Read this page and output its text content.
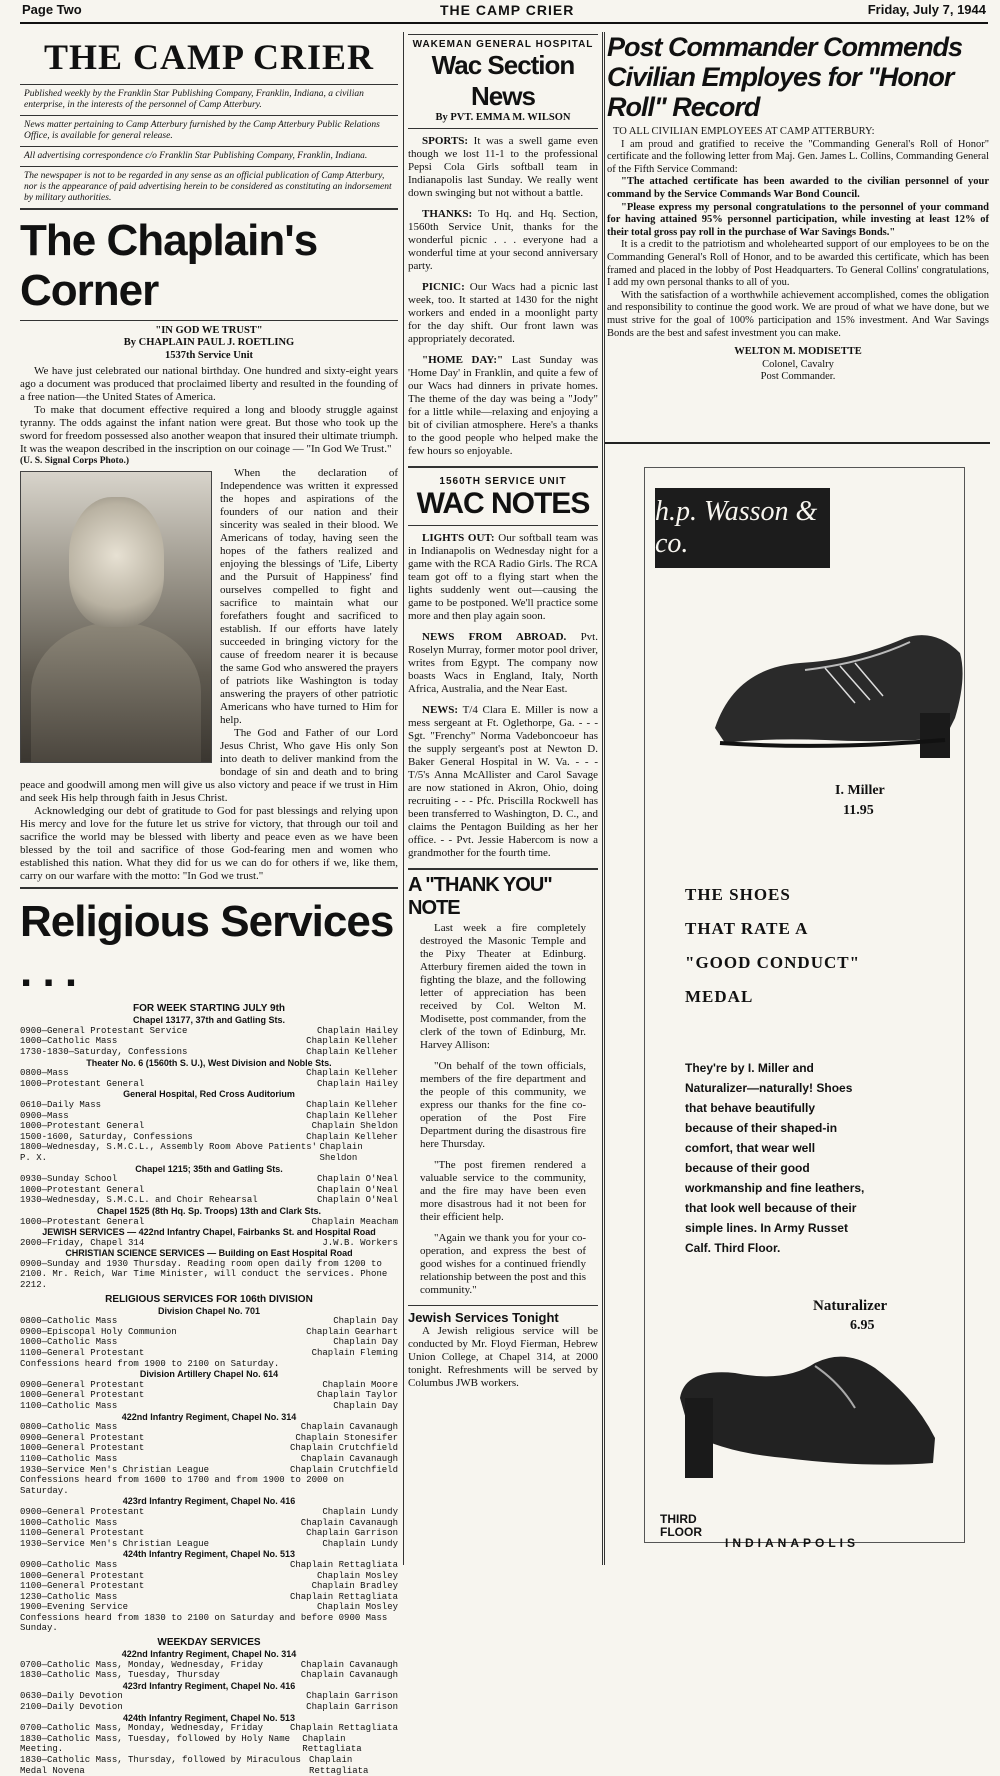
Page Two	THE CAMP CRIER	Friday, July 7, 1944
THE CAMP CRIER
Published weekly by the Franklin Star Publishing Company, Franklin, Indiana, a civilian enterprise, in the interests of the personnel of Camp Atterbury.
News matter pertaining to Camp Atterbury furnished by the Camp Atterbury Public Relations Office, is available for general release.
All advertising correspondence c/o Franklin Star Publishing Company, Franklin, Indiana.
The newspaper is not to be regarded in any sense as an official publication of Camp Atterbury, nor is the appearance of paid advertising herein to be considered as constituting an indorsement by military authorities.
The Chaplain's Corner
"IN GOD WE TRUST"
By CHAPLAIN PAUL J. ROETLING
1537th Service Unit

We have just celebrated our national birthday. One hundred and sixty-eight years ago a document was produced that proclaimed liberty and resulted in the founding of a free nation—the United States of America.

To make that document effective required a long and bloody struggle against tyranny. The odds against the infant nation were great. But those who took up the sword for freedom possessed also another weapon that insured their ultimate triumph. It was the weapon described in the inscription on our coinage — "In God We Trust."

(U. S. Signal Corps Photo.)

When the declaration of Independence was written it expressed the hopes and aspirations of the founders of our nation and their sincerity was sealed in their blood. We Americans of today, having seen the hopes of the fathers realized and enjoying the blessings of 'Life, Liberty and the Pursuit of Happiness' find ourselves compelled to fight and sacrifice to maintain what our forefathers fought and sacrificed to establish. If our efforts have lately succeeded in bringing victory for the cause of freedom nearer it is because the same God who answered the prayers of patriots like Washington is today answering the prayers of other patriotic Americans who have turned to Him for help.

The God and Father of our Lord Jesus Christ, Who gave His only Son into death to deliver mankind from the bondage of sin and death and to bring peace and goodwill among men will give us also victory and peace if we trust in Him and seek His help through faith in Jesus Christ.

Acknowledging our debt of gratitude to God for past blessings and relying upon His mercy and love for the future let us strive for victory, that through our toil and sacrifice the world may be blessed with liberty and peace even as we have been blessed by the toil and sacrifice of those God-fearing men and women who established this nation. What they did for us we can do for others if we, like them, carry on our warfare with the motto: "In God we trust."

Religious Services . . .
FOR WEEK STARTING JULY 9th
Chapel 13177, 37th and Gatling Sts.
0900—General Protestant Service	Chaplain Hailey
1000—Catholic Mass	Chaplain Kelleher
1730-1830—Saturday, Confessions	Chaplain Kelleher
Theater No. 6 (1560th S. U.), West Division and Noble Sts.
0800—Mass	Chaplain Kelleher
1000—Protestant General	Chaplain Hailey
General Hospital, Red Cross Auditorium
0610—Daily Mass	Chaplain Kelleher
0900—Mass	Chaplain Kelleher
1000—Protestant General	Chaplain Sheldon
1500-1600, Saturday, Confessions	Chaplain Kelleher
1800—Wednesday, S.M.C.L., Assembly Room Above Patients' P. X.
Chaplain Sheldon
Chapel 1215; 35th and Gatling Sts.
0930—Sunday School	Chaplain O'Neal
1000—Protestant General	Chaplain O'Neal
1930—Wednesday, S.M.C.L. and Choir Rehearsal	Chaplain O'Neal
Chapel 1525 (8th Hq. Sp. Troops) 13th and Clark Sts.
1000—Protestant General	Chaplain Meacham
JEWISH SERVICES — 422nd Infantry Chapel, Fairbanks St. and Hospital Road
2000—Friday, Chapel 314	J.W.B. Workers
CHRISTIAN SCIENCE SERVICES — Building on East Hospital Road
0900—Sunday and 1930 Thursday. Reading room open daily from 1200 to 2100. Mr. Reich, War Time Minister, will conduct the services. Phone 2212.
RELIGIOUS SERVICES FOR 106th DIVISION
Division Chapel No. 701
0800—Catholic Mass	Chaplain Day
0900—Episcopal Holy Communion	Chaplain Gearhart
1000—Catholic Mass	Chaplain Day
1100—General Protestant	Chaplain Fleming
Confessions heard from 1900 to 2100 on Saturday.
Division Artillery Chapel No. 614
0900—General Protestant	Chaplain Moore
1000—General Protestant	Chaplain Taylor
1100—Catholic Mass	Chaplain Day
422nd Infantry Regiment, Chapel No. 314
0800—Catholic Mass	Chaplain Cavanaugh
0900—General Protestant	Chaplain Stonesifer
1000—General Protestant	Chaplain Crutchfield
1100—Catholic Mass	Chaplain Cavanaugh
1930—Service Men's Christian League	Chaplain Crutchfield
Confessions heard from 1600 to 1700 and from 1900 to 2000 on Saturday.
423rd Infantry Regiment, Chapel No. 416
0900—General Protestant	Chaplain Lundy
1000—Catholic Mass	Chaplain Cavanaugh
1100—General Protestant	Chaplain Garrison
1930—Service Men's Christian League	Chaplain Lundy
424th Infantry Regiment, Chapel No. 513
0900—Catholic Mass	Chaplain Rettagliata
1000—General Protestant	Chaplain Mosley
1100—General Protestant	Chaplain Bradley
1230—Catholic Mass	Chaplain Rettagliata
1900—Evening Service	Chaplain Mosley
Confessions heard from 1830 to 2100 on Saturday and before 0900 Mass Sunday.
WEEKDAY SERVICES
422nd Infantry Regiment, Chapel No. 314
0700—Catholic Mass, Monday, Wednesday, Friday	Chaplain Cavanaugh
1830—Catholic Mass, Tuesday, Thursday	Chaplain Cavanaugh
423rd Infantry Regiment, Chapel No. 416
0630—Daily Devotion	Chaplain Garrison
2100—Daily Devotion	Chaplain Garrison
424th Infantry Regiment, Chapel No. 513
0700—Catholic Mass, Monday, Wednesday, Friday	Chaplain Rettagliata
1830—Catholic Mass, Tuesday, followed by Holy Name Meeting.
Chaplain Rettagliata
1830—Catholic Mass, Thursday, followed by Miraculous Medal Novena
Chaplain Rettagliata
WAKEMAN GENERAL HOSPITAL
Wac Section News
By PVT. EMMA M. WILSON

SPORTS: It was a swell game even though we lost 11-1 to the professional Pepsi Cola Girls softball team in Indianapolis last Sunday. We really went down swinging but not without a battle.

THANKS: To Hq. and Hq. Section, 1560th Service Unit, thanks for the wonderful picnic . . . everyone had a wonderful time at your second anniversary party.

PICNIC: Our Wacs had a picnic last week, too. It started at 1430 for the night workers and ended in a moonlight party for the day shift. Our front lawn was appropriately decorated.

"HOME DAY:" Last Sunday was 'Home Day' in Franklin, and quite a few of our Wacs had dinners in private homes. The theme of the day was being a "Jody" for a little while—relaxing and enjoying a bit of civilian atmosphere. Here's a thanks to the good people who helped make the few hours so enjoyable.

1560TH SERVICE UNIT
WAC NOTES

LIGHTS OUT: Our softball team was in Indianapolis on Wednesday night for a game with the RCA Radio Girls. The RCA team got off to a flying start when the lights suddenly went out—causing the game to be postponed. We'll practice some more and then play again soon.

NEWS FROM ABROAD. Pvt. Roselyn Murray, former motor pool driver, writes from Egypt. The company now boasts Wacs in England, Italy, North Africa, Australia, and the Near East.

NEWS: T/4 Clara E. Miller is now a mess sergeant at Ft. Oglethorpe, Ga. - - - Sgt. "Frenchy" Norma Vadeboncoeur has the supply sergeant's post at Newton D. Baker General Hospital in W. Va. - - - T/5's Anna McAllister and Carol Savage are now stationed in Akron, Ohio, doing recruiting - - - Pfc. Priscilla Rockwell has been transferred to Washington, D. C., and claims the Pentagon Building as her her office. - - Pvt. Jessie Habercom is now a grandmother for the fourth time.

A "THANK YOU" NOTE

Last week a fire completely destroyed the Masonic Temple and the Pixy Theater at Edinburg. Atterbury firemen aided the town in fighting the blaze, and the following letter of appreciation has been received by Col. Welton M. Modisette, post commander, from the clerk of the town of Edinburg, Mr. Harvey Allison:

"On behalf of the town officials, members of the fire department and the people of this community, we express our thanks for the fine co-operation of the Post Fire Department during the disastrous fire here Thursday.

"The post firemen rendered a valuable service to the community, and the fire may have been even more disastrous had it not been for their efficient help.

"Again we thank you for your co-operation, and express the best of good wishes for a continued friendly relationship between the post and this community."

Jewish Services Tonight

A Jewish religious service will be conducted by Mr. Floyd Fierman, Hebrew Union College, at Chapel 314, at 2000 tonight. Refreshments will be served by Columbus JWB workers.

Post Commander Commends Civilian Employes for "Honor Roll" Record
TO ALL CIVILIAN EMPLOYEES AT CAMP ATTERBURY:

I am proud and gratified to receive the "Commanding General's Roll of Honor" certificate and the following letter from Maj. Gen. James L. Collins, Commanding General of the Fifth Service Command:

"The attached certificate has been awarded to the civilian personnel of your command by the Service Commands War Bond Council.

"Please express my personal congratulations to the personnel of your command for having attained 95% personnel participation, while investing at least 12% of their total gross pay roll in the purchase of War Savings Bonds."

It is a credit to the patriotism and wholehearted support of our employees to be on the Commanding General's Roll of Honor, and to be awarded this certificate, which has been framed and placed in the lobby of Post Headquarters. To General Collins' congratulations, I add my own personal thanks to all of you.

With the satisfaction of a worthwhile achievement accomplished, comes the obligation and responsibility to continue the good work. We are proud of what we have done, but we must strive for the goal of 100% participation and 15% investment. And War Savings Bonds are the best and safest investment you can make.

WELTON M. MODISETTE
Colonel, Cavalry
Post Commander.
h.p. Wasson & co.
I. Miller
11.95
THE SHOES
THAT RATE A
"GOOD CONDUCT"
MEDAL
They're by I. Miller and Naturalizer—naturally! Shoes that behave beautifully because of their shaped-in comfort, that wear well because of their good workmanship and fine leathers, that look well because of their simple lines. In Army Russet Calf. Third Floor.
Naturalizer
6.95
THIRD
FLOOR
INDIANAPOLIS
